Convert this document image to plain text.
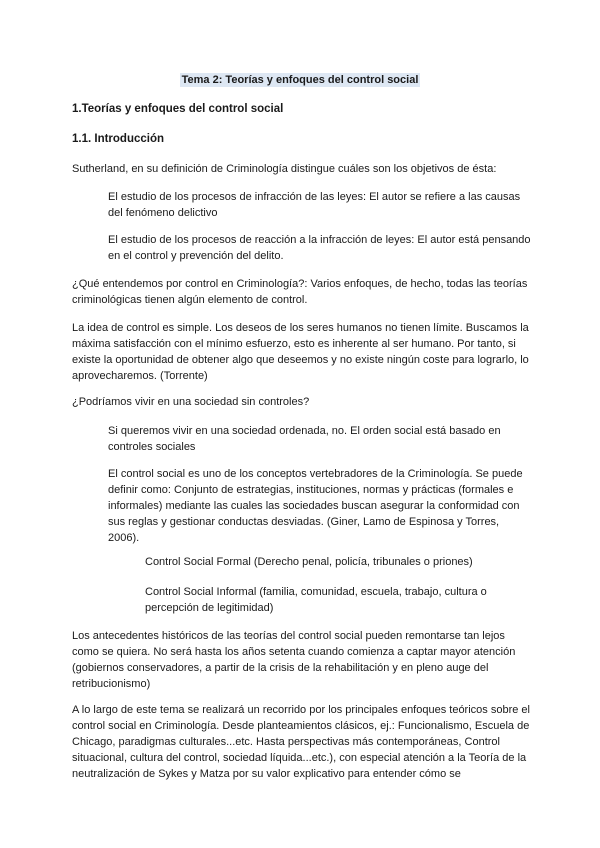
Tema 2: Teorías y enfoques del control social

1.Teorías y enfoques del control social

1.1. Introducción

Sutherland, en su definición de Criminología distingue cuáles son los objetivos de ésta:

El estudio de los procesos de infracción de las leyes: El autor se refiere a las causas del fenómeno delictivo

El estudio de los procesos de reacción a la infracción de leyes: El autor está pensando en el control y prevención del delito.

¿Qué entendemos por control en Criminología?: Varios enfoques, de hecho, todas las teorías criminológicas tienen algún elemento de control.

La idea de control es simple. Los deseos de los seres humanos no tienen límite. Buscamos la máxima satisfacción con el mínimo esfuerzo, esto es inherente al ser humano. Por tanto, si existe la oportunidad de obtener algo que deseemos y no existe ningún coste para lograrlo, lo aprovecharemos. (Torrente)

¿Podríamos vivir en una sociedad sin controles?

Si queremos vivir en una sociedad ordenada, no. El orden social está basado en controles sociales

El control social es uno de los conceptos vertebradores de la Criminología. Se puede definir como: Conjunto de estrategias, instituciones, normas y prácticas (formales e informales) mediante las cuales las sociedades buscan asegurar la conformidad con sus reglas y gestionar conductas desviadas. (Giner, Lamo de Espinosa y Torres, 2006).

Control Social Formal (Derecho penal, policía, tribunales o priones)

Control Social Informal (familia, comunidad, escuela, trabajo, cultura o percepción de legitimidad)

Los antecedentes históricos de las teorías del control social pueden remontarse tan lejos como se quiera. No será hasta los años setenta cuando comienza a captar mayor atención (gobiernos conservadores, a partir de la crisis de la rehabilitación y en pleno auge del retribucionismo)

A lo largo de este tema se realizará un recorrido por los principales enfoques teóricos sobre el control social en Criminología. Desde planteamientos clásicos, ej.: Funcionalismo, Escuela de Chicago, paradigmas culturales...etc. Hasta perspectivas más contemporáneas, Control situacional, cultura del control, sociedad líquida...etc.), con especial atención a la Teoría de la neutralización de Sykes y Matza por su valor explicativo para entender cómo se
